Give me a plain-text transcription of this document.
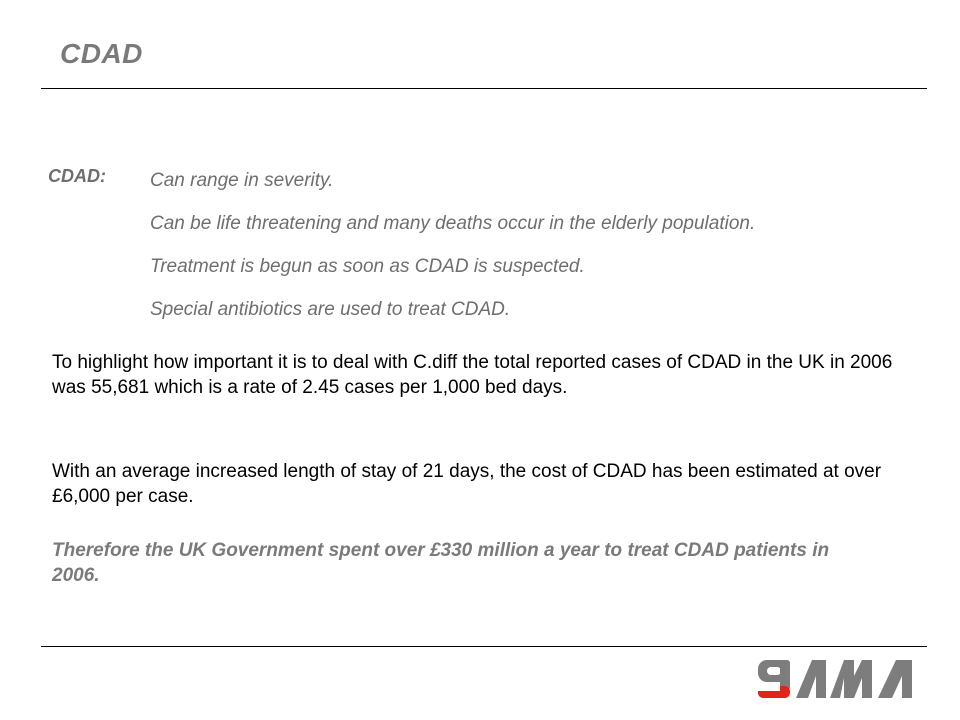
CDAD
CDAD: Can range in severity.
Can be life threatening and many deaths occur in the elderly population.
Treatment is begun as soon as CDAD is suspected.
Special antibiotics are used to treat CDAD.

To highlight how important it is to deal with C.diff the total reported cases of CDAD in the UK in 2006 was 55,681 which is a rate of 2.45 cases per 1,000 bed days.

With an average increased length of stay of 21 days, the cost of CDAD has been estimated at over £6,000 per case.

Therefore the UK Government spent over £330 million a year to treat CDAD patients in 2006.
